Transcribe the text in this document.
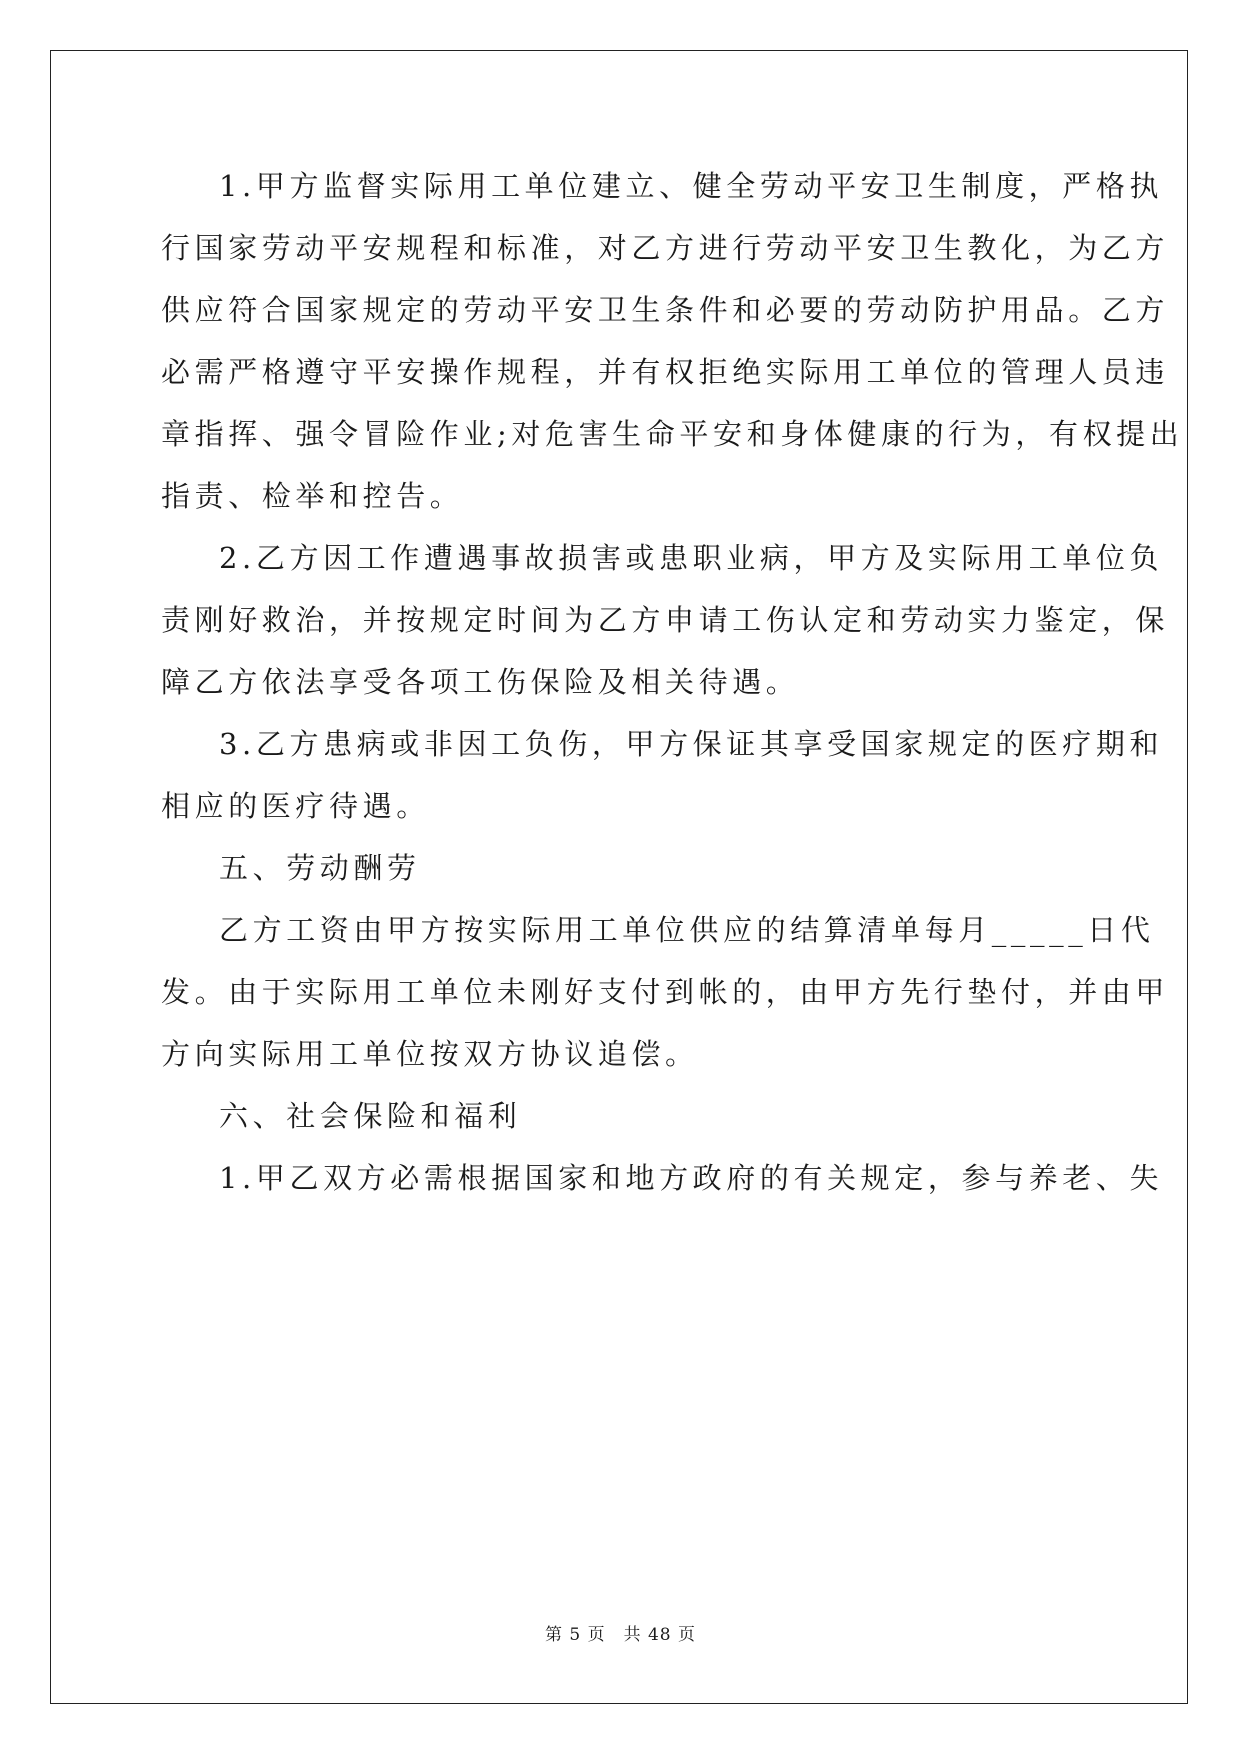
1.甲方监督实际用工单位建立、健全劳动平安卫生制度，严格执
行国家劳动平安规程和标准，对乙方进行劳动平安卫生教化，为乙方
供应符合国家规定的劳动平安卫生条件和必要的劳动防护用品。乙方
必需严格遵守平安操作规程，并有权拒绝实际用工单位的管理人员违
章指挥、强令冒险作业;对危害生命平安和身体健康的行为，有权提出
指责、检举和控告。
2.乙方因工作遭遇事故损害或患职业病，甲方及实际用工单位负
责刚好救治，并按规定时间为乙方申请工伤认定和劳动实力鉴定，保
障乙方依法享受各项工伤保险及相关待遇。
3.乙方患病或非因工负伤，甲方保证其享受国家规定的医疗期和
相应的医疗待遇。
五、劳动酬劳
乙方工资由甲方按实际用工单位供应的结算清单每月_____日代
发。由于实际用工单位未刚好支付到帐的，由甲方先行垫付，并由甲
方向实际用工单位按双方协议追偿。
六、社会保险和福利
1.甲乙双方必需根据国家和地方政府的有关规定，参与养老、失
第 5 页 共 48 页
